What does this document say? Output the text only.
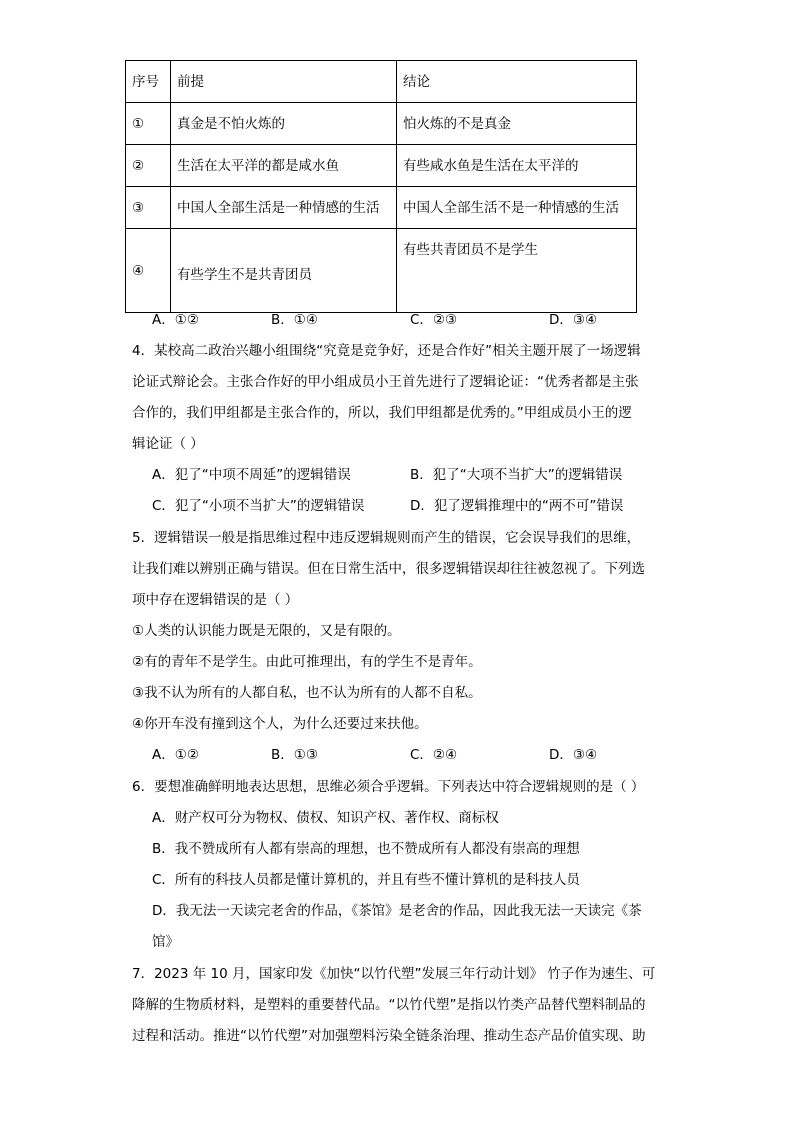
序号	前提	结论
①	真金是不怕火炼的	怕火炼的不是真金
②	生活在太平洋的都是咸水鱼	有些咸水鱼是生活在太平洋的
③	中国人全部生活是一种情感的生活	中国人全部生活不是一种情感的生活
④	有些学生不是共青团员	有些共青团员不是学生
A．①②	B．①④	C．②③	D．③④
4．某校高二政治兴趣小组围绕“究竟是竞争好，还是合作好”相关主题开展了一场逻辑
论证式辩论会。主张合作好的甲小组成员小王首先进行了逻辑论证：“优秀者都是主张
合作的，我们甲组都是主张合作的，所以，我们甲组都是优秀的。”甲组成员小王的逻
辑论证（ ）
A．犯了“中项不周延”的逻辑错误	B．犯了“大项不当扩大”的逻辑错误
C．犯了“小项不当扩大”的逻辑错误	D．犯了逻辑推理中的“两不可”错误
5．逻辑错误一般是指思维过程中违反逻辑规则而产生的错误，它会误导我们的思维，
让我们难以辨别正确与错误。但在日常生活中，很多逻辑错误却往往被忽视了。下列选
项中存在逻辑错误的是（ ）
①人类的认识能力既是无限的，又是有限的。
②有的青年不是学生。由此可推理出，有的学生不是青年。
③我不认为所有的人都自私，也不认为所有的人都不自私。
④你开车没有撞到这个人，为什么还要过来扶他。
A．①②	B．①③	C．②④	D．③④
6．要想准确鲜明地表达思想，思维必须合乎逻辑。下列表达中符合逻辑规则的是（ ）
A．财产权可分为物权、债权、知识产权、著作权、商标权
B．我不赞成所有人都有崇高的理想，也不赞成所有人都没有崇高的理想
C．所有的科技人员都是懂计算机的，并且有些不懂计算机的是科技人员
D．我无法一天读完老舍的作品，《茶馆》是老舍的作品，因此我无法一天读完《茶
馆》
7．2023 年 10 月，国家印发《加快“以竹代塑”发展三年行动计划》 竹子作为速生、可
降解的生物质材料，是塑料的重要替代品。“以竹代塑”是指以竹类产品替代塑料制品的
过程和活动。推进“以竹代塑”对加强塑料污染全链条治理、推动生态产品价值实现、助
